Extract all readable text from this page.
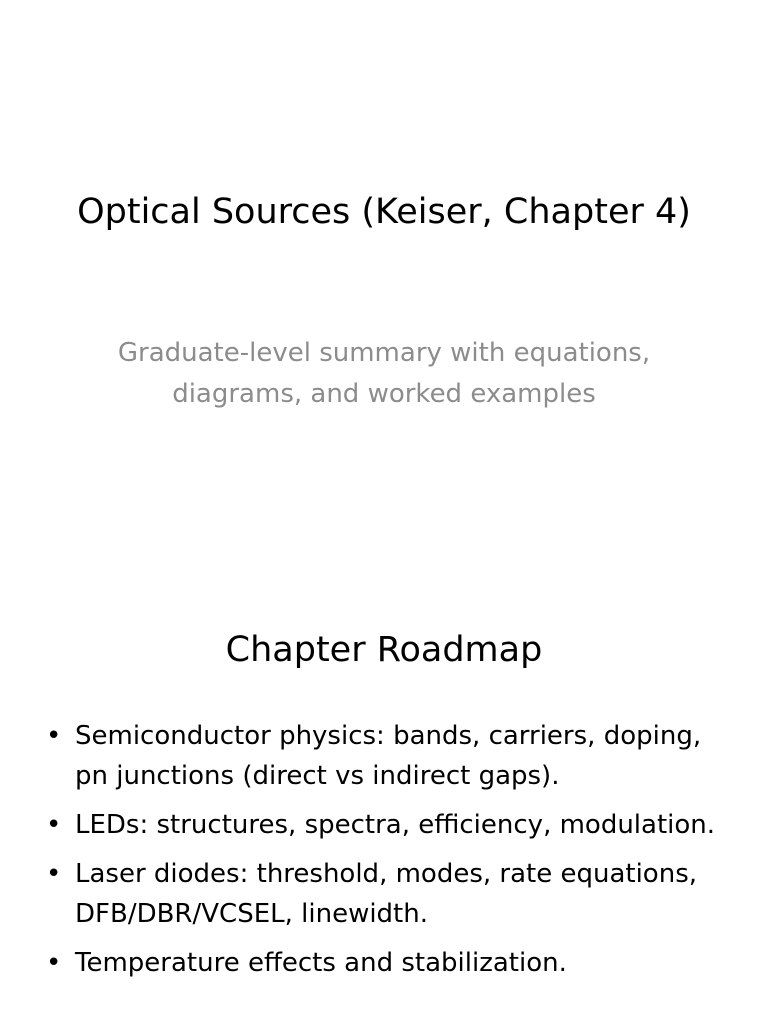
Optical Sources (Keiser, Chapter 4)

Graduate-level summary with equations, diagrams, and worked examples

Chapter Roadmap
• Semiconductor physics: bands, carriers, doping, pn junctions (direct vs indirect gaps).
• LEDs: structures, spectra, efficiency, modulation.
• Laser diodes: threshold, modes, rate equations, DFB/DBR/VCSEL, linewidth.
• Temperature effects and stabilization.
